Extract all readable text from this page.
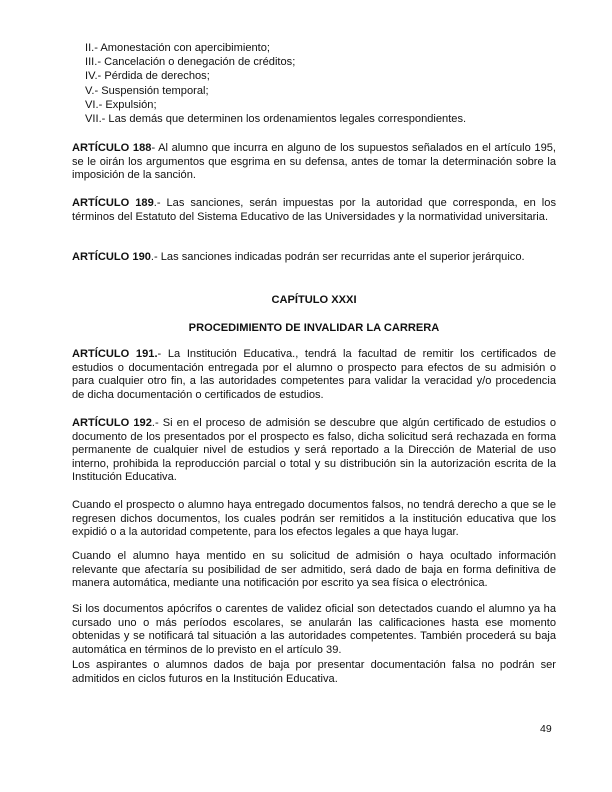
II.- Amonestación con apercibimiento;
III.- Cancelación o denegación de créditos;
IV.- Pérdida de derechos;
V.- Suspensión temporal;
VI.- Expulsión;
VII.- Las demás que determinen los ordenamientos legales correspondientes.
ARTÍCULO 188- Al alumno que incurra en alguno de los supuestos señalados en el artículo 195, se le oirán los argumentos que esgrima en su defensa, antes de tomar la determinación sobre la imposición de la sanción.
ARTÍCULO 189.- Las sanciones, serán impuestas por la autoridad que corresponda, en los términos del Estatuto del Sistema Educativo de las Universidades y la normatividad universitaria.
ARTÍCULO 190.- Las sanciones indicadas podrán ser recurridas ante el superior jerárquico.
CAPÍTULO XXXI
PROCEDIMIENTO DE INVALIDAR LA CARRERA
ARTÍCULO 191.- La Institución Educativa., tendrá la facultad de remitir los certificados de estudios o documentación entregada por el alumno o prospecto para efectos de su admisión o para cualquier otro fin, a las autoridades competentes para validar la veracidad y/o procedencia de dicha documentación o certificados de estudios.
ARTÍCULO 192.- Si en el proceso de admisión se descubre que algún certificado de estudios o documento de los presentados por el prospecto es falso, dicha solicitud será rechazada en forma permanente de cualquier nivel de estudios y será reportado a la Dirección de Material de uso interno, prohibida la reproducción parcial o total y su distribución sin la autorización escrita de la Institución Educativa.
Cuando el prospecto o alumno haya entregado documentos falsos, no tendrá derecho a que se le regresen dichos documentos, los cuales podrán ser remitidos a la institución educativa que los expidió o a la autoridad competente, para los efectos legales a que haya lugar.
Cuando el alumno haya mentido en su solicitud de admisión o haya ocultado información relevante que afectaría su posibilidad de ser admitido, será dado de baja en forma definitiva de manera automática, mediante una notificación por escrito ya sea física o electrónica.
Si los documentos apócrifos o carentes de validez oficial son detectados cuando el alumno ya ha cursado uno o más períodos escolares, se anularán las calificaciones hasta ese momento obtenidas y se notificará tal situación a las autoridades competentes. También procederá su baja automática en términos de lo previsto en el artículo 39.
Los aspirantes o alumnos dados de baja por presentar documentación falsa no podrán ser admitidos en ciclos futuros en la Institución Educativa.
49
